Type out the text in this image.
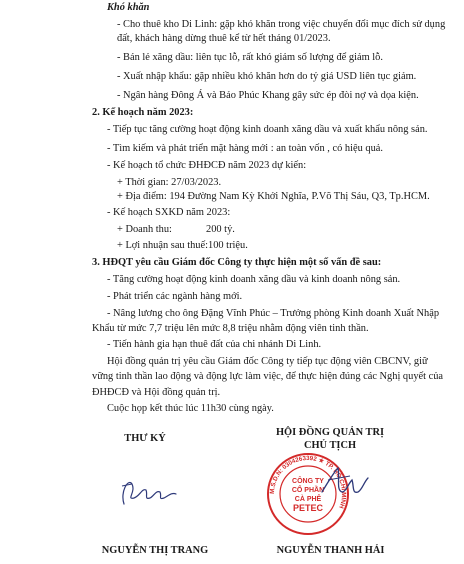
Khó khăn
- Cho thuê kho Di Linh: gặp khó khăn trong việc chuyển đổi mục đích sử dụng
đất, khách hàng dừng thuê kể từ hết tháng 01/2023.
- Bán lẻ xăng dầu: liên tục lỗ, rất khó giảm số lượng để giảm lỗ.
- Xuất nhập khẩu: gặp nhiều khó khăn hơn do tỷ giá USD liên tục giảm.
- Ngân hàng Đông Á và Bảo Phúc Khang gây sức ép đòi nợ và dọa kiện.
2. Kế hoạch năm 2023:
- Tiếp tục tăng cường hoạt động kinh doanh xăng dầu và xuất khẩu nông sản.
- Tìm kiếm và phát triển mặt hàng mới : an toàn vốn , có hiệu quả.
- Kế hoạch tổ chức ĐHĐCĐ năm 2023 dự kiến:
+ Thời gian: 27/03/2023.
+ Địa điểm: 194 Đường Nam Kỳ Khởi Nghĩa, P.Võ Thị Sáu, Q3, Tp.HCM.
- Kế hoạch SXKD năm 2023:
+ Doanh thu:	200 tỷ.
+ Lợi nhuận sau thuế: 100 triệu.
3. HĐQT yêu cầu Giám đốc Công ty thực hiện một số vấn đề sau:
- Tăng cường hoạt động kinh doanh xăng dầu và kinh doanh nông sản.
- Phát triển các ngành hàng mới.
- Nâng lương cho ông Đặng Vĩnh Phúc – Trưởng phòng Kinh doanh Xuất Nhập
Khẩu từ mức 7,7 triệu lên mức 8,8 triệu nhằm động viên tinh thần.
- Tiến hành gia hạn thuê đất của chi nhánh Di Linh.
Hội đồng quản trị yêu cầu Giám đốc Công ty tiếp tục động viên CBCNV, giữ
vững tinh thần lao động và động lực làm việc, để thực hiện đúng các Nghị quyết của
ĐHĐCĐ và Hội đồng quản trị.
Cuộc họp kết thúc lúc 11h30 cùng ngày.
THƯ KÝ
HỘI ĐỒNG QUẢN TRỊ
CHỦ TỊCH
M.S.D.N: 0304263392 ★ TP. HỒ CHÍ MINH
CÔNG TY
CỔ PHẦN
CÀ PHÊ
PETEC
NGUYỄN THỊ TRANG	NGUYỄN THANH HẢI
